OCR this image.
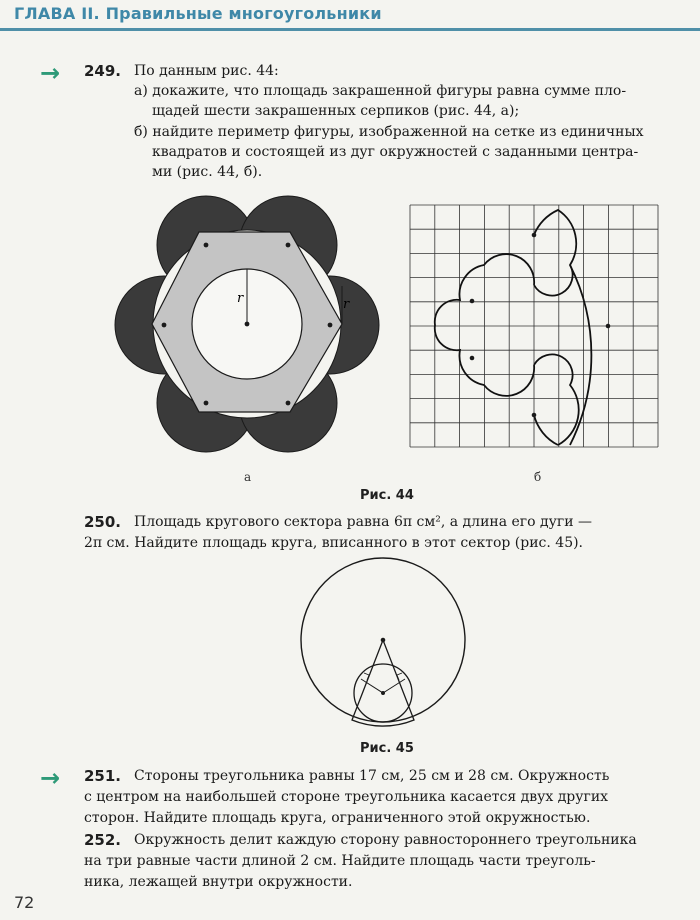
ГЛАВА II. Правильные многоугольники
→ 249. По данным рис. 44:
а) докажите, что площадь закрашенной фигуры равна сумме пло-
щадей шести закрашенных серпиков (рис. 44, а);
б) найдите периметр фигуры, изображенной на сетке из единичных
квадратов и состоящей из дуг окружностей с заданными центра-
ми (рис. 44, б).
r	r
а	б
Рис. 44
250. Площадь кругового сектора равна 6π см², а длина его дуги —
2π см. Найдите площадь круга, вписанного в этот сектор (рис. 45).
Рис. 45
→ 251. Стороны треугольника равны 17 см, 25 см и 28 см. Окружность
с центром на наибольшей стороне треугольника касается двух других
сторон. Найдите площадь круга, ограниченного этой окружностью.
252. Окружность делит каждую сторону равностороннего треугольника
на три равные части длиной 2 см. Найдите площадь части треуголь-
ника, лежащей внутри окружности.
72
